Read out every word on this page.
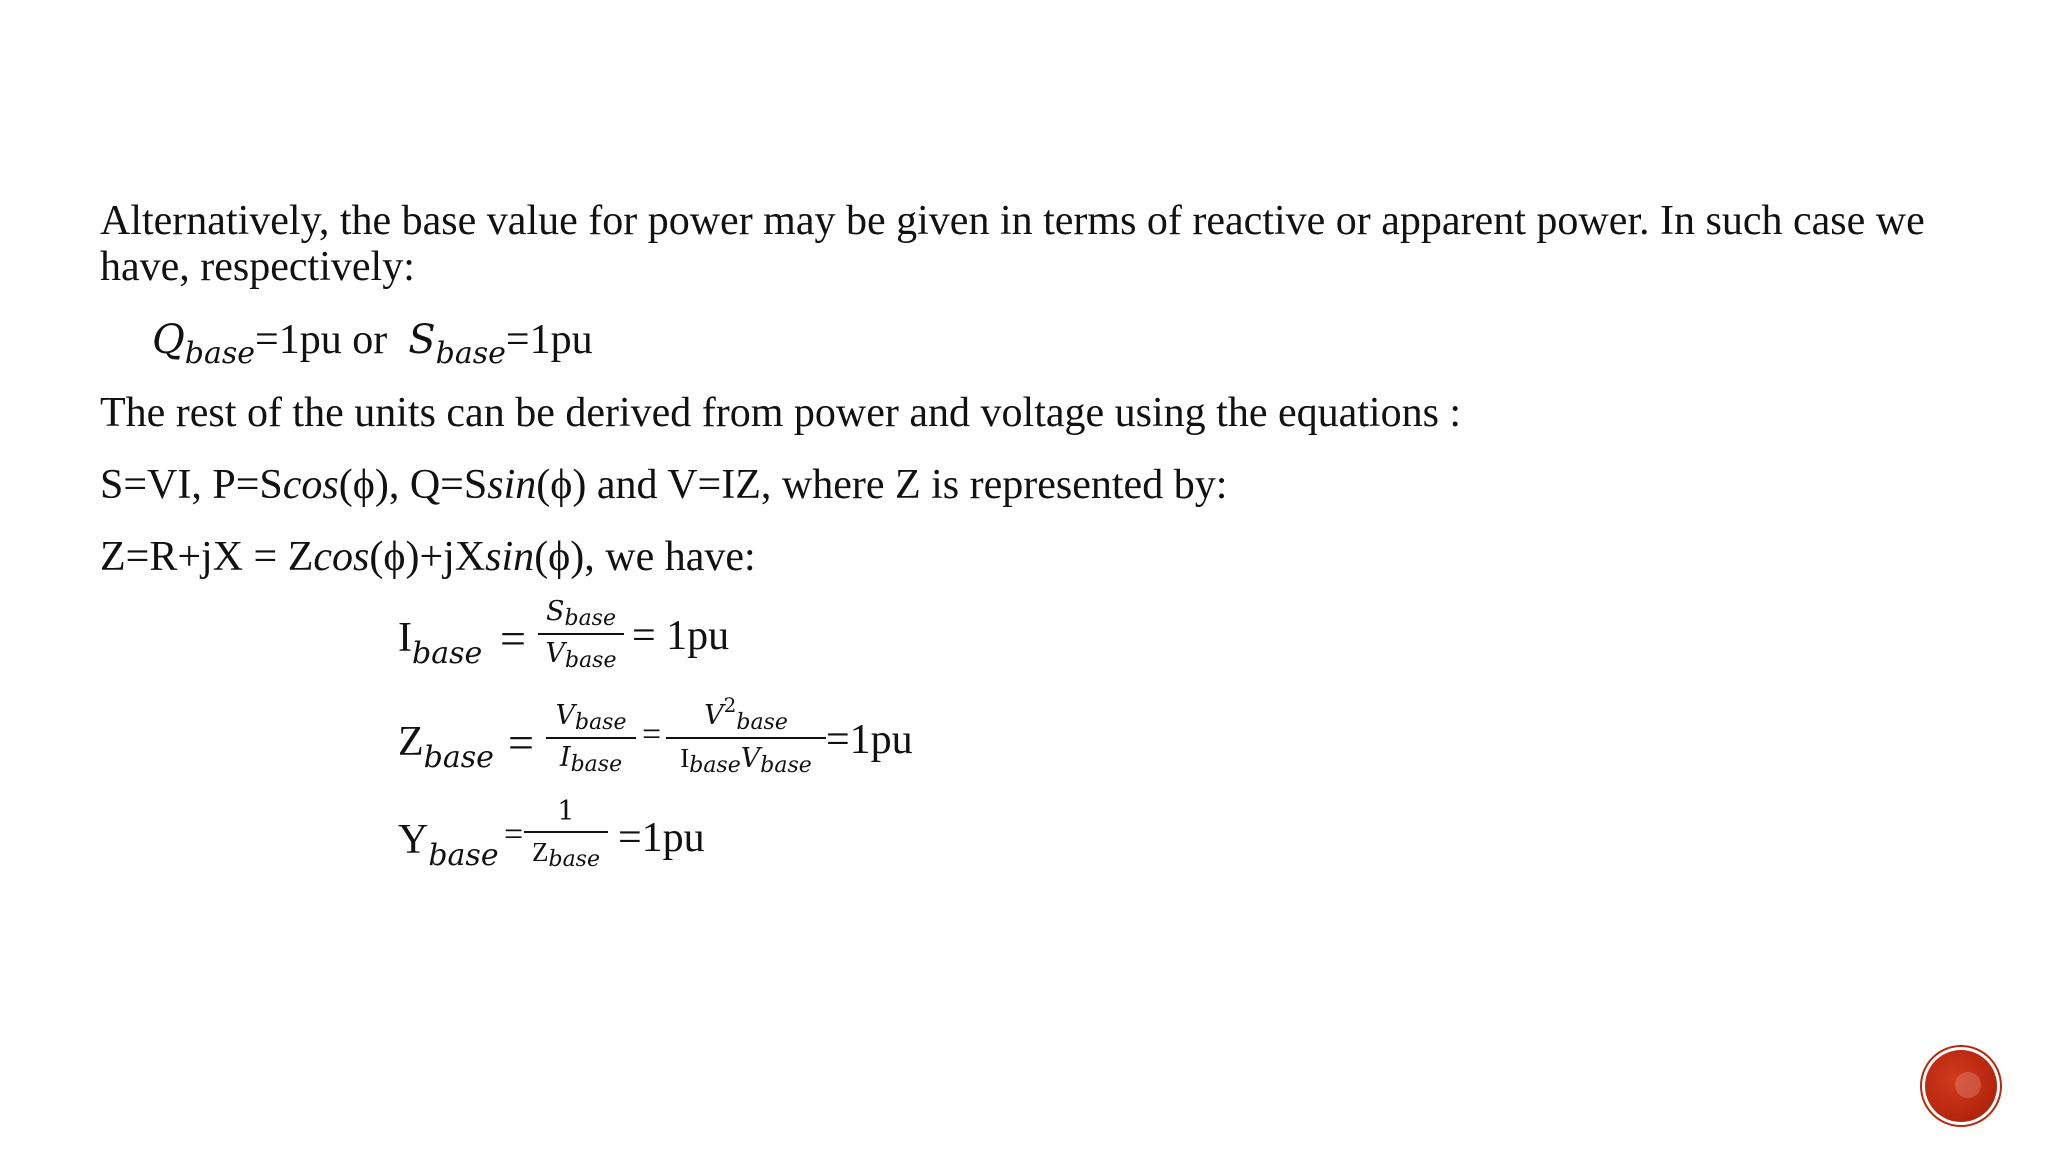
Alternatively, the base value for power may be given in terms of reactive or apparent power. In such case we have, respectively:
$Q_{base}=1pu$ or $S_{base}=1pu$
The rest of the units can be derived from power and voltage using the equations :
S=VI, P=Scos(ϕ), Q=Ssin(ϕ) and V=IZ, where Z is represented by:
Z=R+jX = Zcos(ϕ)+jXsin(ϕ), we have:
$I_{base}$ =
Sbase
Vbase
= 1pu
$Z_{base}$ =
Vbase
Ibase
=
$V^2base$
IbaseVbase
=1pu
$Y_{base}$
=
1
Zbase =1pu
